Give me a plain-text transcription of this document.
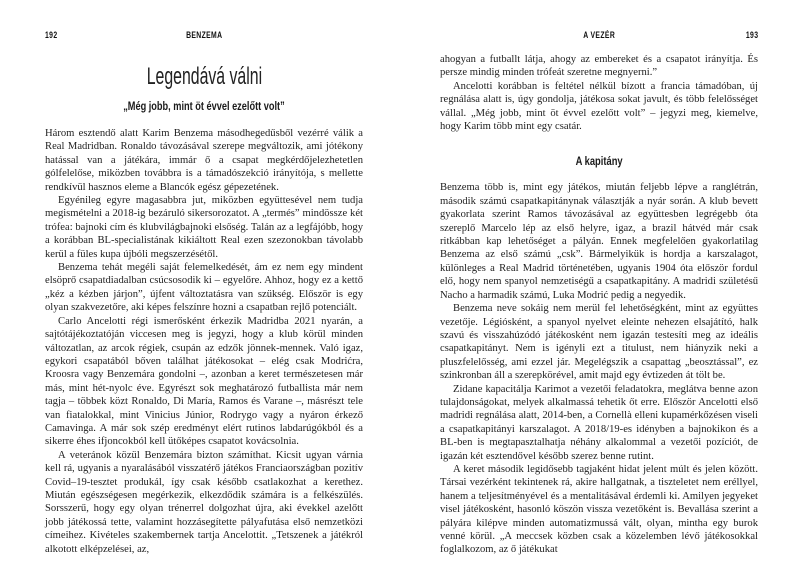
192	BENZEMA
Legendává válni
„Még jobb, mint öt évvel ezelőtt volt”

Három esztendő alatt Karim Benzema másodhegedűsből vezérré válik a Real Madridban. Ronaldo távozásával szerepe megváltozik, ami jótékony hatással van a játékára, immár ő a csapat megkérdőjelezhetetlen gólfelelőse, miközben továbbra is a támadószekció irányítója, s mellette rendkívül hasznos eleme a Blancók egész gépezetének.

Egyénileg egyre magasabbra jut, miközben együttesével nem tudja megismételni a 2018-ig bezáruló sikersorozatot. A „termés” mindössze két trófea: bajnoki cím és klubvilágbajnoki elsőség. Talán az a legfájóbb, hogy a korábban BL-specialistának kikiáltott Real ezen szezonokban távolabb kerül a füles kupa újbóli megszerzésétől.

Benzema tehát megéli saját felemelkedését, ám ez nem egy mindent elsöprő csapatdiadalban csúcsosodik ki – egyelőre. Ahhoz, hogy ez a kettő „kéz a kézben járjon”, újfent változtatásra van szükség. Először is egy olyan szakvezetőre, aki képes felszínre hozni a csapatban rejlő potenciált.

Carlo Ancelotti régi ismerősként érkezik Madridba 2021 nyarán, a sajtótájékoztatóján viccesen meg is jegyzi, hogy a klub körül minden változatlan, az arcok régiek, csupán az edzők jönnek-mennek. Való igaz, egykori csapatából bőven találhat játékosokat – elég csak Modrićra, Kroosra vagy Benzemára gondolni –, azonban a keret természetesen már más, mint hét-nyolc éve. Egyrészt sok meghatározó futballista már nem tagja – többek közt Ronaldo, Di María, Ramos és Varane –, másrészt tele van fiatalokkal, mint Vinicius Júnior, Rodrygo vagy a nyáron érkező Camavinga. A már sok szép eredményt elért rutinos labdarúgókból és a sikerre éhes ifjoncokból kell ütőképes csapatot kovácsolnia.

A veteránok közül Benzemára bizton számíthat. Kicsit ugyan várnia kell rá, ugyanis a nyaralásából visszatérő játékos Franciaországban pozitív Covid–19-tesztet produkál, így csak később csatlakozhat a kerethez. Miután egészségesen megérkezik, elkezdődik számára is a felkészülés. Sorsszerű, hogy egy olyan trénerrel dolgozhat újra, aki évekkel azelőtt jobb játékossá tette, valamint hozzásegítette pályafutása első nemzetközi címeihez. Kivételes szakembernek tartja Ancelottit. „Tetszenek a játékról alkotott elképzelései, az,

A VEZÉR	193

ahogyan a futballt látja, ahogy az embereket és a csapatot irányítja. És persze mindig minden trófeát szeretne megnyerni.”

Ancelotti korábban is feltétel nélkül bízott a francia támadóban, új regnálása alatt is, úgy gondolja, játékosa sokat javult, és több felelősséget vállal. „Még jobb, mint öt évvel ezelőtt volt” – jegyzi meg, kiemelve, hogy Karim több mint egy csatár.

A kapitány

Benzema több is, mint egy játékos, miután feljebb lépve a ranglétrán, második számú csapatkapitánynak választják a nyár során. A klub bevett gyakorlata szerint Ramos távozásával az együttesben legrégebb óta szereplő Marcelo lép az első helyre, igaz, a brazil hátvéd már csak ritkábban kap lehetőséget a pályán. Ennek megfelelően gyakorlatilag Benzema az első számú „csk”. Bármelyikük is hordja a karszalagot, különleges a Real Madrid történetében, ugyanis 1904 óta először fordul elő, hogy nem spanyol nemzetiségű a csapatkapitány. A madridi születésű Nacho a harmadik számú, Luka Modrić pedig a negyedik.

Benzema neve sokáig nem merül fel lehetőségként, mint az együttes vezetője. Légiósként, a spanyol nyelvet eleinte nehezen elsajátító, halk szavú és visszahúzódó játékosként nem igazán testesíti meg az ideális csapatkapitányt. Nem is igényli ezt a titulust, nem hiányzik neki a pluszfelelősség, ami ezzel jár. Megelégszik a csapattag „beosztással”, ez szinkronban áll a szerepkörével, amit majd egy évtizeden át tölt be.

Zidane kapacitálja Karimot a vezetői feladatokra, meglátva benne azon tulajdonságokat, melyek alkalmassá tehetik őt erre. Először Ancelotti első madridi regnálása alatt, 2014-ben, a Cornellà elleni kupamérkőzésen viseli a csapatkapitányi karszalagot. A 2018/19-es idényben a bajnokikon és a BL-ben is megtapasztalhatja néhány alkalommal a vezetői pozíciót, de igazán két esztendővel később szerez benne rutint.

A keret második legidősebb tagjaként hidat jelent múlt és jelen között. Társai vezérként tekintenek rá, akire hallgatnak, a tiszteletet nem eréllyel, hanem a teljesítményével és a mentalitásával érdemli ki. Amilyen jegyeket visel játékosként, hasonló köszön vissza vezetőként is. Bevallása szerint a pályára kilépve minden automatizmussá vált, olyan, mintha egy burok venné körül. „A meccsek közben csak a közelemben lévő játékosokkal foglalkozom, az ő játékukat
